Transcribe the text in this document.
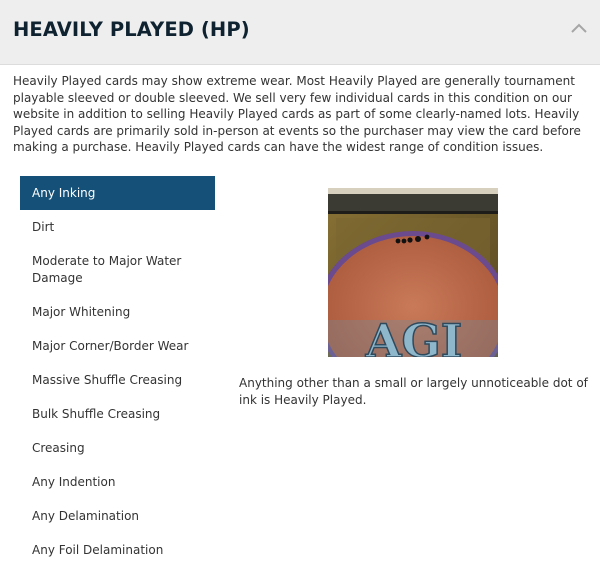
HEAVILY PLAYED (HP)

Heavily Played cards may show extreme wear. Most Heavily Played are generally tournament playable sleeved or double sleeved. We sell very few individual cards in this condition on our website in addition to selling Heavily Played cards as part of some clearly-named lots. Heavily Played cards are primarily sold in-person at events so the purchaser may view the card before making a purchase. Heavily Played cards can have the widest range of condition issues.

Any Inking
Dirt
Moderate to Major Water Damage
Major Whitening
Major Corner/Border Wear
Massive Shuffle Creasing
Bulk Shuffle Creasing
Creasing
Any Indention
Any Delamination
Any Foil Delamination
AGI

Anything other than a small or largely unnoticeable dot of ink is Heavily Played.
